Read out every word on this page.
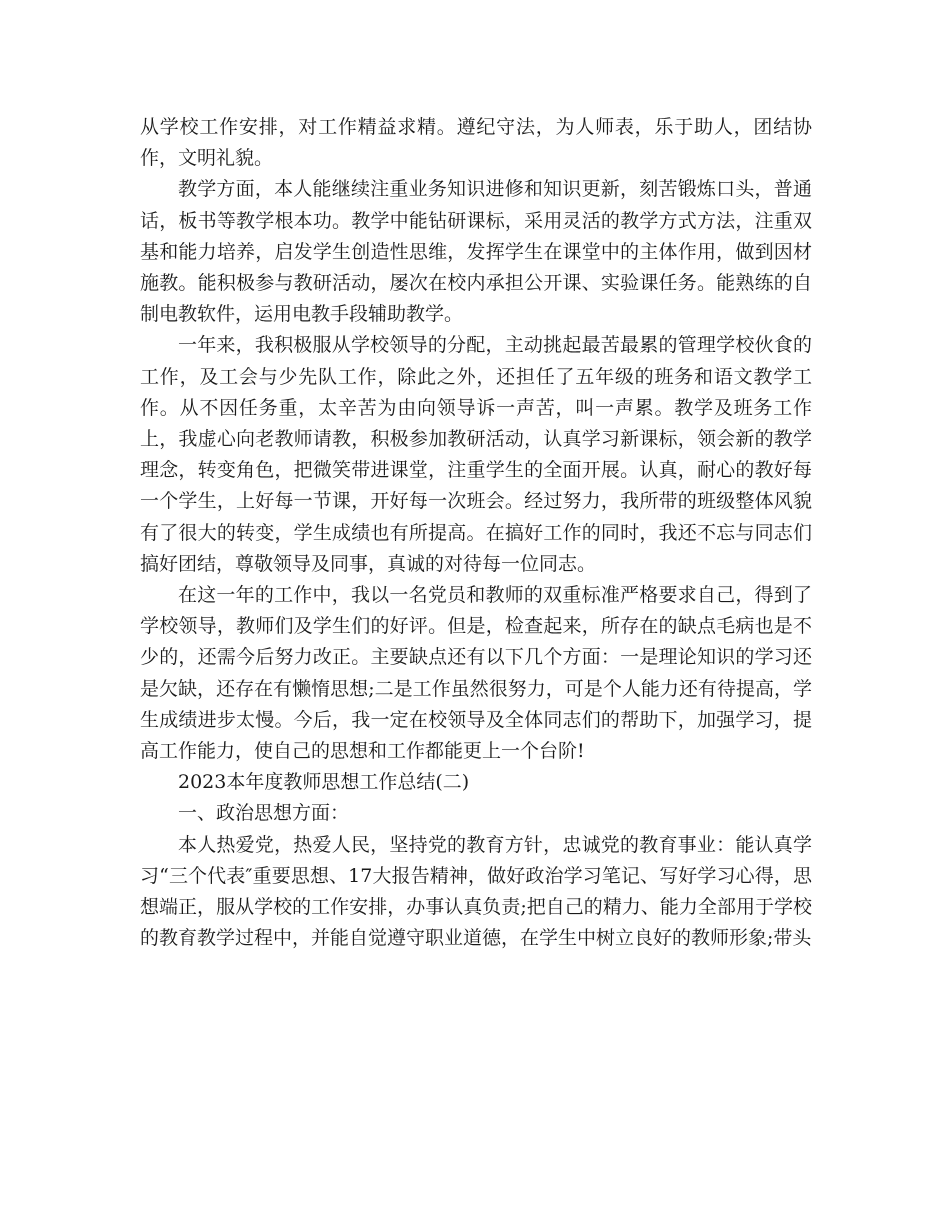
从学校工作安排，对工作精益求精。遵纪守法，为人师表，乐于助人，团结协作，文明礼貌。

教学方面，本人能继续注重业务知识进修和知识更新，刻苦锻炼口头，普通话，板书等教学根本功。教学中能钻研课标，采用灵活的教学方式方法，注重双基和能力培养，启发学生创造性思维，发挥学生在课堂中的主体作用，做到因材施教。能积极参与教研活动，屡次在校内承担公开课、实验课任务。能熟练的自制电教软件，运用电教手段辅助教学。

一年来，我积极服从学校领导的分配，主动挑起最苦最累的管理学校伙食的工作，及工会与少先队工作，除此之外，还担任了五年级的班务和语文教学工作。从不因任务重，太辛苦为由向领导诉一声苦，叫一声累。教学及班务工作上，我虚心向老教师请教，积极参加教研活动，认真学习新课标，领会新的教学理念，转变角色，把微笑带进课堂，注重学生的全面开展。认真，耐心的教好每一个学生，上好每一节课，开好每一次班会。经过努力，我所带的班级整体风貌有了很大的转变，学生成绩也有所提高。在搞好工作的同时，我还不忘与同志们搞好团结，尊敬领导及同事，真诚的对待每一位同志。

在这一年的工作中，我以一名党员和教师的双重标准严格要求自己，得到了学校领导，教师们及学生们的好评。但是，检查起来，所存在的缺点毛病也是不少的，还需今后努力改正。主要缺点还有以下几个方面：一是理论知识的学习还是欠缺，还存在有懒惰思想;二是工作虽然很努力，可是个人能力还有待提高，学生成绩进步太慢。今后，我一定在校领导及全体同志们的帮助下，加强学习，提高工作能力，使自己的思想和工作都能更上一个台阶!

2023本年度教师思想工作总结(二)

一、政治思想方面：

本人热爱党，热爱人民，坚持党的教育方针，忠诚党的教育事业：能认真学习“三个代表″重要思想、17大报告精神，做好政治学习笔记、写好学习心得，思想端正，服从学校的工作安排，办事认真负责;把自己的精力、能力全部用于学校的教育教学过程中，并能自觉遵守职业道德，在学生中树立良好的教师形象;带头
